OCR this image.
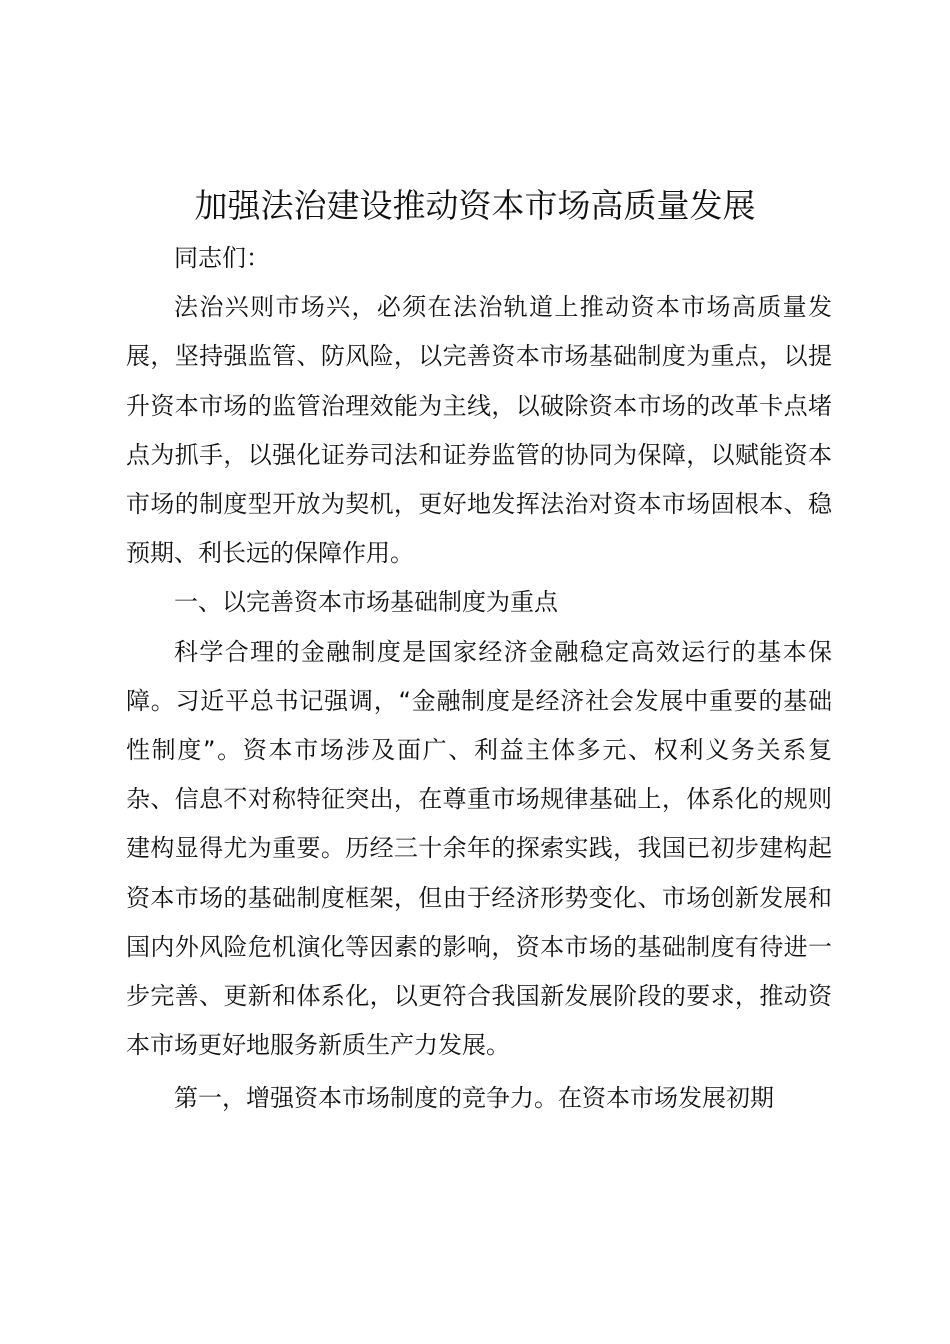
加强法治建设推动资本市场高质量发展

同志们：

法治兴则市场兴，必须在法治轨道上推动资本市场高质量发展，坚持强监管、防风险，以完善资本市场基础制度为重点，以提升资本市场的监管治理效能为主线，以破除资本市场的改革卡点堵点为抓手，以强化证券司法和证券监管的协同为保障，以赋能资本市场的制度型开放为契机，更好地发挥法治对资本市场固根本、稳预期、利长远的保障作用。

一、以完善资本市场基础制度为重点

科学合理的金融制度是国家经济金融稳定高效运行的基本保障。习近平总书记强调，“金融制度是经济社会发展中重要的基础性制度”。资本市场涉及面广、利益主体多元、权利义务关系复杂、信息不对称特征突出，在尊重市场规律基础上，体系化的规则建构显得尤为重要。历经三十余年的探索实践，我国已初步建构起资本市场的基础制度框架，但由于经济形势变化、市场创新发展和国内外风险危机演化等因素的影响，资本市场的基础制度有待进一步完善、更新和体系化，以更符合我国新发展阶段的要求，推动资本市场更好地服务新质生产力发展。

第一，增强资本市场制度的竞争力。在资本市场发展初期
